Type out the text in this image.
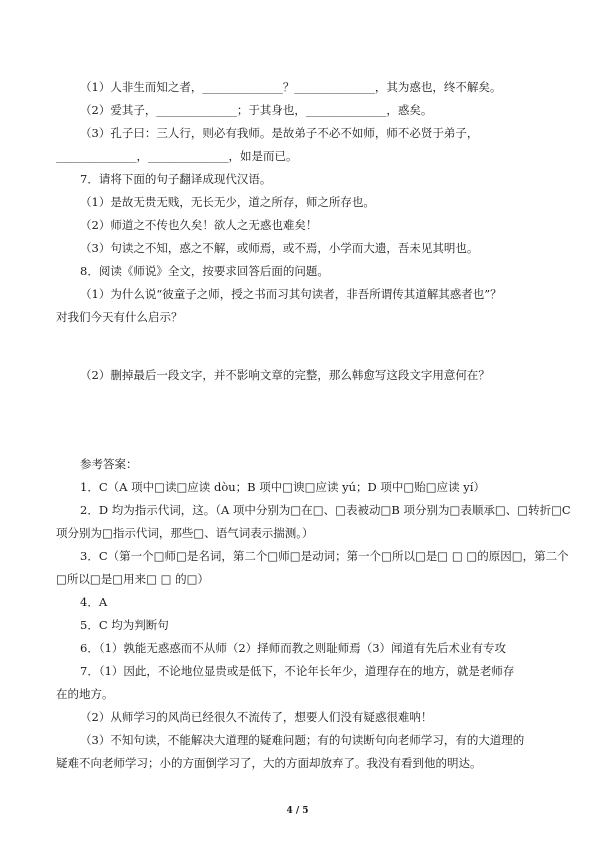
（1）人非生而知之者，______________？______________，其为惑也，终不解矣。
（2）爱其子，______________；于其身也，______________，惑矣。
（3）孔子曰：三人行，则必有我师。是故弟子不必不如师，师不必贤于弟子，
______________，______________，如是而已。
7．请将下面的句子翻译成现代汉语。
（1）是故无贵无贱，无长无少，道之所存，师之所存也。
（2）师道之不传也久矣！欲人之无惑也难矣！
（3）句读之不知，惑之不解，或师焉，或不焉，小学而大遗，吾未见其明也。
8．阅读《师说》全文，按要求回答后面的问题。
（1）为什么说“彼童子之师，授之书而习其句读者，非吾所谓传其道解其惑者也”？
对我们今天有什么启示？
（2）删掉最后一段文字，并不影响文章的完整，那么韩愈写这段文字用意何在？
参考答案：
1．C（A 项中□读□应读 dòu；B 项中□谀□应读 yú；D 项中□贻□应读 yí）
2．D 均为指示代词，这。（A 项中分别为□在□、□表被动□B 项分别为□表顺承□、□转折□C
项分别为□指示代词，那些□、语气词表示揣测。）
3．C（第一个□师□是名词，第二个□师□是动词；第一个□所以□是□ □ □的原因□，第二个
□所以□是□用来□ □ 的□）
4．A
5．C 均为判断句
6．（1）孰能无惑惑而不从师（2）择师而教之则耻师焉（3）闻道有先后术业有专攻
7．（1）因此，不论地位显贵或是低下，不论年长年少，道理存在的地方，就是老师存
在的地方。
（2）从师学习的风尚已经很久不流传了，想要人们没有疑惑很难呐！
（3）不知句读，不能解决大道理的疑难问题；有的句读断句向老师学习，有的大道理的
疑难不向老师学习；小的方面倒学习了，大的方面却放弃了。我没有看到他的明达。
4 / 5
